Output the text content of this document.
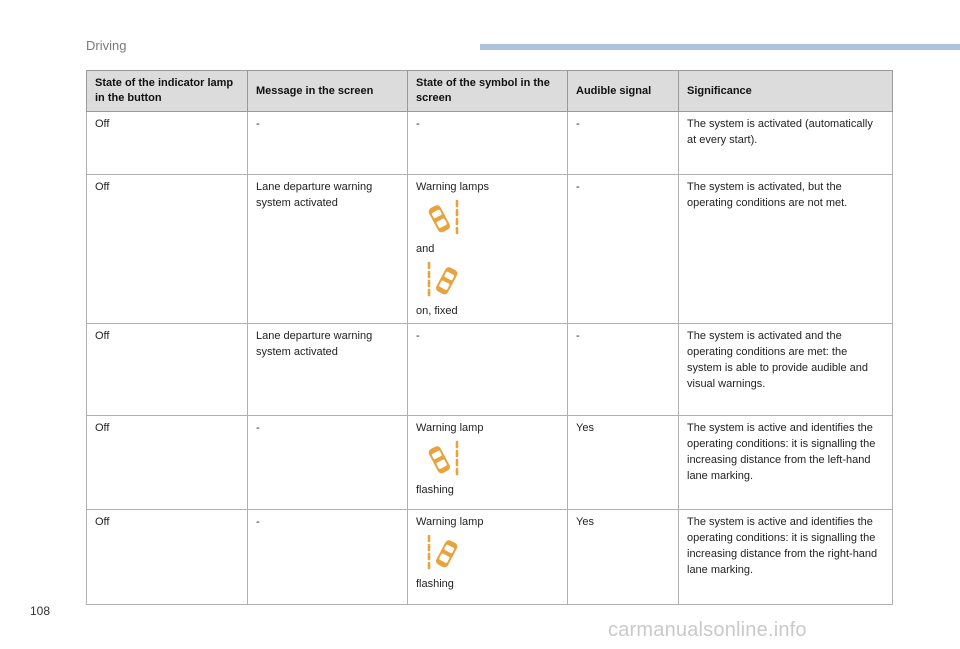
Driving
State of the indicator lamp in the button	Message in the screen	State of the symbol in the screen	Audible signal	Significance
Off	-	-	-	The system is activated (automatically at every start).
Off	Lane departure warning system activated	Warning lamps
and
on, fixed	-	The system is activated, but the operating conditions are not met.
Off	Lane departure warning system activated	-	-	The system is activated and the operating conditions are met: the system is able to provide audible and visual warnings.
Off	-	Warning lamp
flashing	Yes	The system is active and identifies the operating conditions: it is signalling the increasing distance from the left-hand lane marking.
Off	-	Warning lamp
flashing	Yes	The system is active and identifies the operating conditions: it is signalling the increasing distance from the right-hand lane marking.
108
carmanualsonline.info
